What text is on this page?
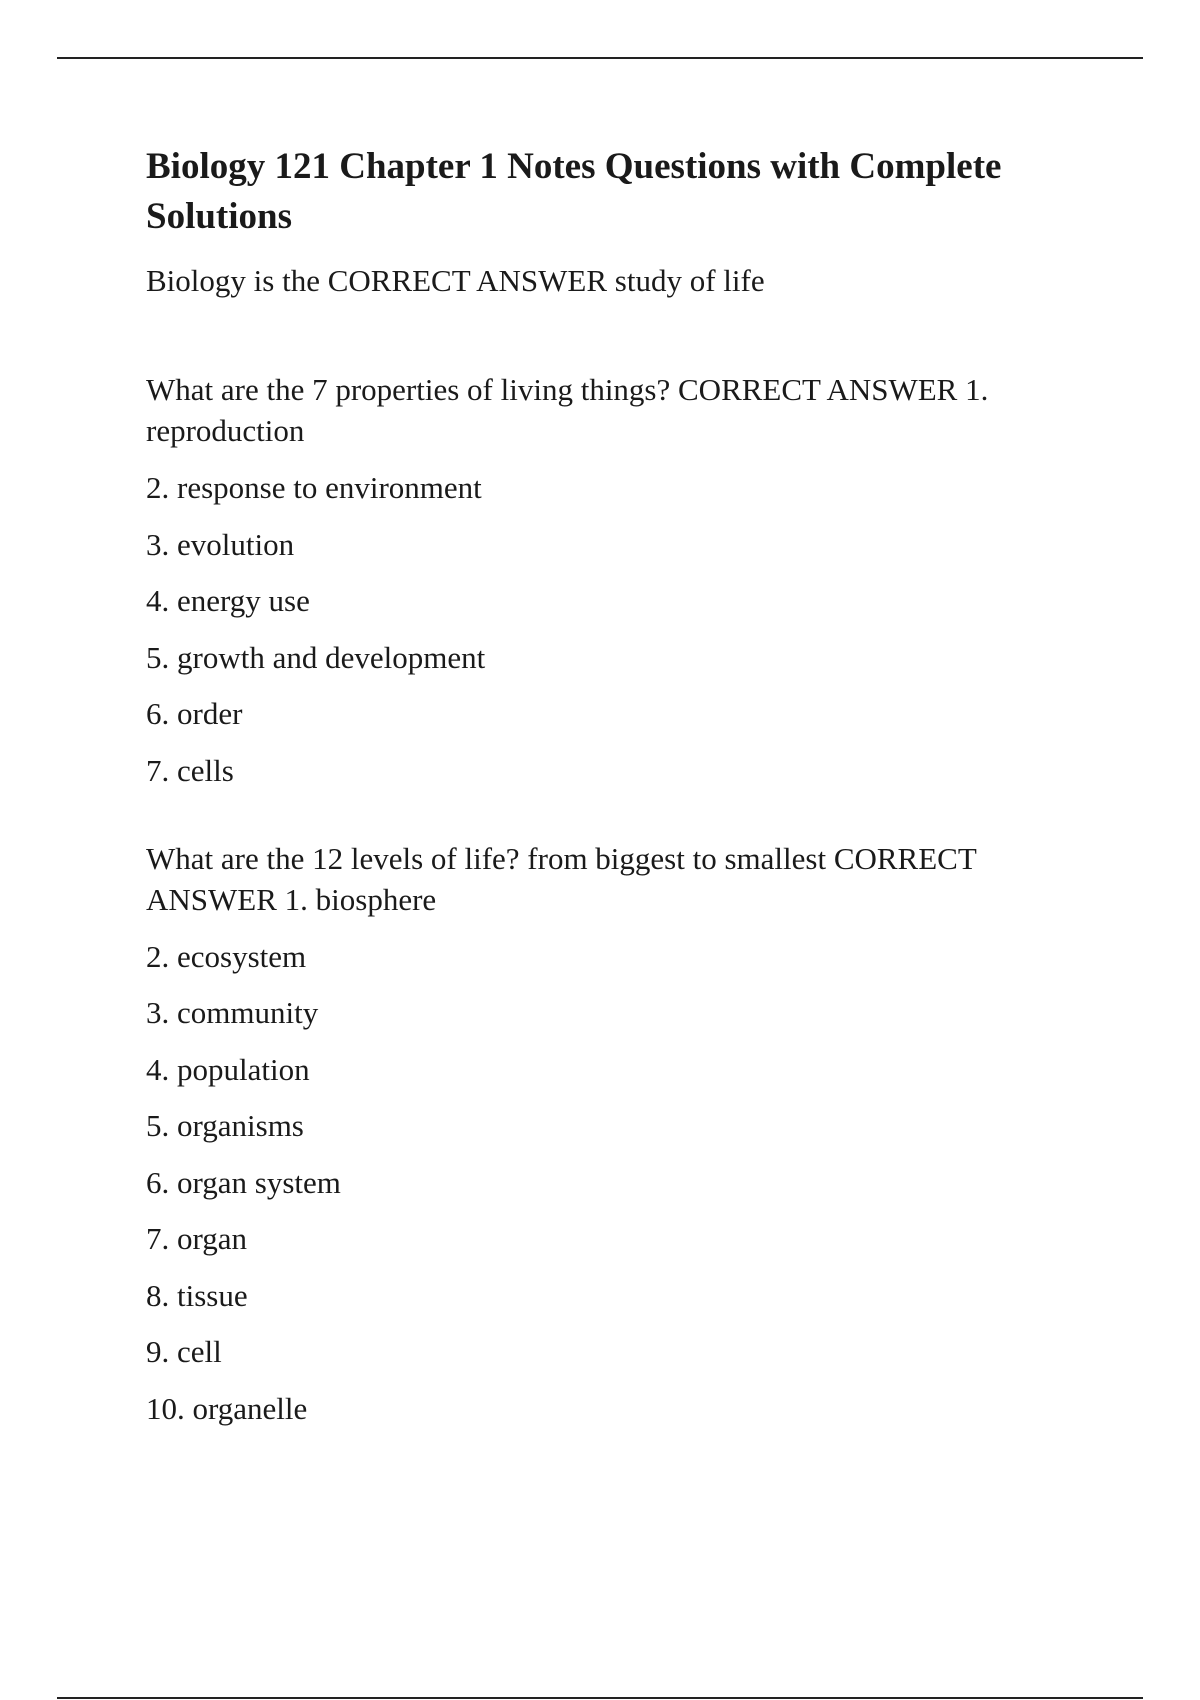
Biology 121 Chapter 1 Notes Questions with Complete Solutions

Biology is the CORRECT ANSWER study of life

What are the 7 properties of living things? CORRECT ANSWER 1. reproduction

2. response to environment
3. evolution
4. energy use
5. growth and development
6. order
7. cells

What are the 12 levels of life? from biggest to smallest CORRECT ANSWER 1. biosphere

2. ecosystem
3. community
4. population
5. organisms
6. organ system
7. organ
8. tissue
9. cell
10. organelle
